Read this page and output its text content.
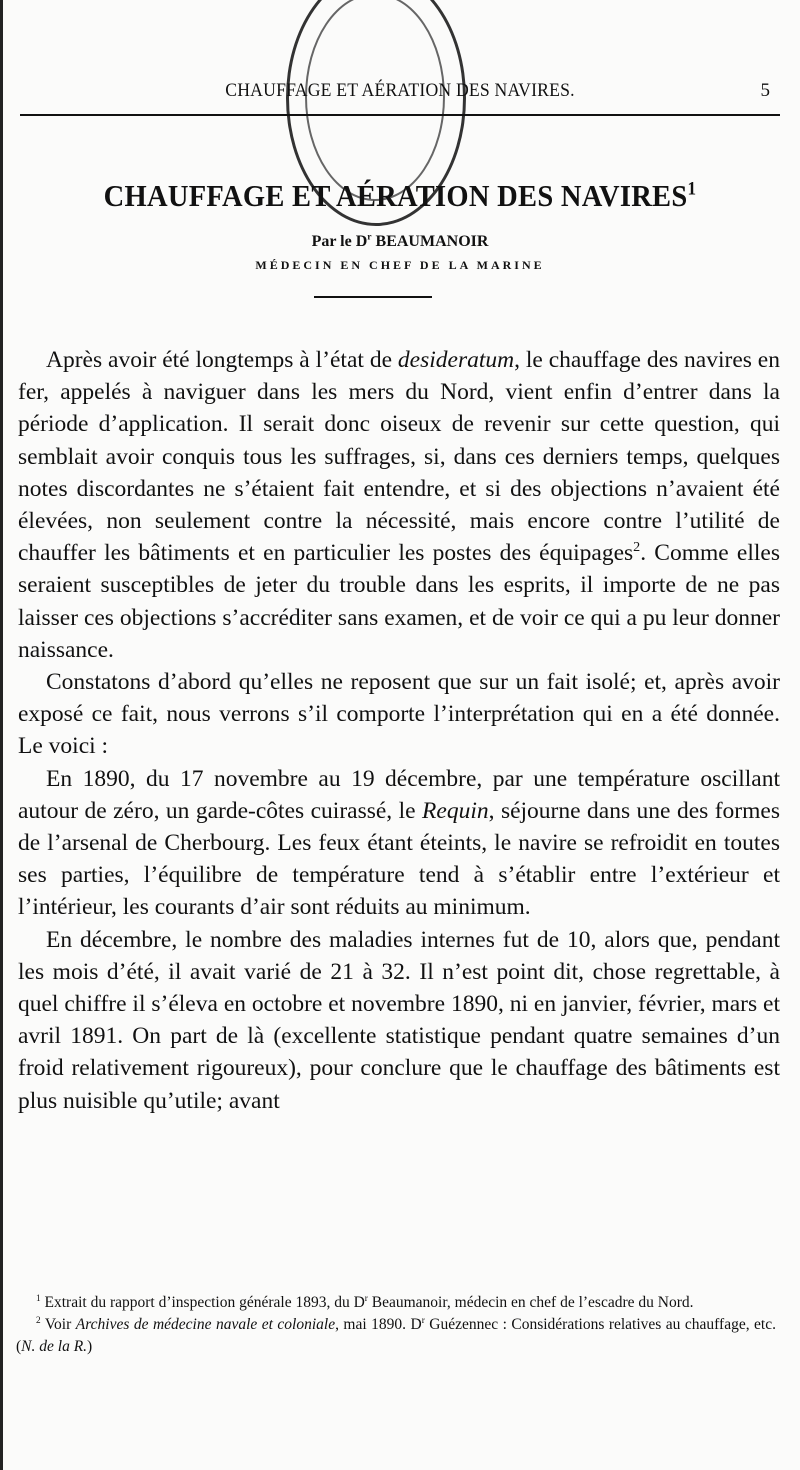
CHAUFFAGE ET AÉRATION DES NAVIRES.	5
CHAUFFAGE ET AÉRATION DES NAVIRES$^1$
Par le $D^r$ BEAUMANOIR
MÉDECIN EN CHEF DE LA MARINE

Après avoir été longtemps à l’état de desideratum, le chauffage des navires en fer, appelés à naviguer dans les mers du Nord, vient enfin d’entrer dans la période d’application. Il serait donc oiseux de revenir sur cette question, qui semblait avoir conquis tous les suffrages, si, dans ces derniers temps, quelques notes discordantes ne s’étaient fait entendre, et si des objections n’avaient été élevées, non seulement contre la nécessité, mais encore contre l’utilité de chauffer les bâtiments et en particulier les postes des équipages$^2$. Comme elles seraient susceptibles de jeter du trouble dans les esprits, il importe de ne pas laisser ces objections s’accréditer sans examen, et de voir ce qui a pu leur donner naissance.

Constatons d’abord qu’elles ne reposent que sur un fait isolé; et, après avoir exposé ce fait, nous verrons s’il comporte l’interprétation qui en a été donnée. Le voici :

En 1890, du 17 novembre au 19 décembre, par une température oscillant autour de zéro, un garde-côtes cuirassé, le Requin, séjourne dans une des formes de l’arsenal de Cherbourg. Les feux étant éteints, le navire se refroidit en toutes ses parties, l’équilibre de température tend à s’établir entre l’extérieur et l’intérieur, les courants d’air sont réduits au minimum.

En décembre, le nombre des maladies internes fut de 10, alors que, pendant les mois d’été, il avait varié de 21 à 32. Il n’est point dit, chose regrettable, à quel chiffre il s’éleva en octobre et novembre 1890, ni en janvier, février, mars et avril 1891. On part de là (excellente statistique pendant quatre semaines d’un froid relativement rigoureux), pour conclure que le chauffage des bâtiments est plus nuisible qu’utile; avant

$^1$ Extrait du rapport d’inspection générale 1893, du $D^r$ Beaumanoir, médecin en chef de l’escadre du Nord.

$^2$ Voir Archives de médecine navale et coloniale, mai 1890. $D^r$ Guézennec : Considérations relatives au chauffage, etc. (N. de la R.)
